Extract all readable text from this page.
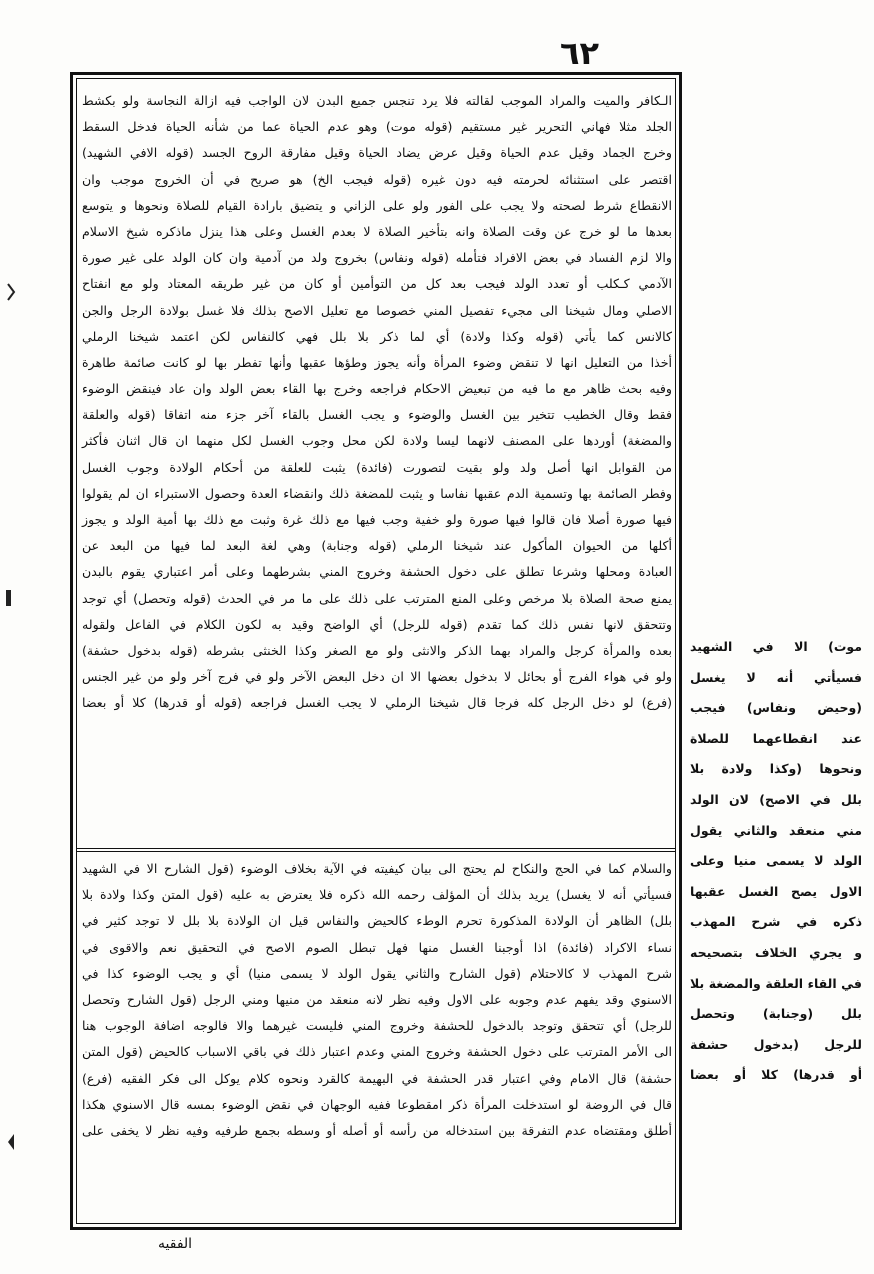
٦٢
الـكافر والميت والمراد الموجب لقالته فلا يرد تنجس جميع البدن لان الواجب فيه ازالة النجاسة ولو بكشط
الجلد مثلا فهاني التحرير غير مستقيم (قوله موت) وهو عدم الحياة عما من شأنه الحياة فدخل السقط
وخرج الجماد وقيل عدم الحياة وقيل عرض يضاد الحياة وقيل مفارقة الروح الجسد (قوله الافي الشهيد)
اقتصر على استثنائه لحرمته فيه دون غيره (قوله فيجب الخ) هو صريح في أن الخروج موجب وان
الانقطاع شرط لصحته ولا يجب على الفور ولو على الزاني و يتضيق بارادة القيام للصلاة ونحوها و يتوسع
بعدها ما لو خرج عن وقت الصلاة وانه بتأخير الصلاة لا بعدم الغسل وعلى هذا ينزل ماذكره شيخ الاسلام
والا لزم الفساد في بعض الافراد فتأمله (قوله ونفاس) بخروج ولد من آدمية وان كان الولد على غير صورة
الآدمي كـكلب أو تعدد الولد فيجب بعد كل من التوأمين أو كان من غير طريقه المعتاد ولو مع انفتاح
الاصلي ومال شيخنا الى مجيء تفصيل المني خصوصا مع تعليل الاصح بذلك فلا غسل بولادة الرجل والجن
كالانس كما يأتي (قوله وكذا ولادة) أي لما ذكر بلا بلل فهي كالنفاس لكن اعتمد شيخنا الرملي
أخذا من التعليل انها لا تنقض وضوء المرأة وأنه يجوز وطؤها عقبها وأنها تفطر بها لو كانت صائمة طاهرة
وفيه بحث ظاهر مع ما فيه من تبعيض الاحكام فراجعه وخرج بها القاء بعض الولد وان عاد فينقض الوضوء
فقط وقال الخطيب تتخير بين الغسل والوضوء و يجب الغسل بالقاء آخر جزء منه اتفاقا (قوله والعلقة
والمضغة) أوردها على المصنف لانهما ليسا ولادة لكن محل وجوب الغسل لكل منهما ان قال اثنان فأكثر
من القوابل انها أصل ولد ولو بقيت لتصورت (فائدة) يثبت للعلقة من أحكام الولادة وجوب الغسل
وفطر الصائمة بها وتسمية الدم عقبها نفاسا و يثبت للمضغة ذلك وانقضاء العدة وحصول الاستبراء ان لم يقولوا
فيها صورة أصلا فان قالوا فيها صورة ولو خفية وجب فيها مع ذلك غرة وثبت مع ذلك بها أمية الولد و يجوز
أكلها من الحيوان المأكول عند شيخنا الرملي (قوله وجنابة) وهي لغة البعد لما فيها من البعد عن
العبادة ومحلها وشرعا تطلق على دخول الحشفة وخروج المني بشرطهما وعلى أمر اعتباري يقوم بالبدن
يمنع صحة الصلاة بلا مرخص وعلى المنع المترتب على ذلك على ما مر في الحدث (قوله وتحصل) أي توجد
وتتحقق لانها نفس ذلك كما تقدم (قوله للرجل) أي الواضح وقيد به لكون الكلام في الفاعل ولقوله
بعده والمرأة كرجل والمراد بهما الذكر والانثى ولو مع الصغر وكذا الخنثى بشرطه (قوله بدخول حشفة)
ولو في هواء الفرج أو بحائل لا بدخول بعضها الا ان دخل البعض الآخر ولو في فرج آخر ولو من غير الجنس
(فرع) لو دخل الرجل كله فرجا قال شيخنا الرملي لا يجب الغسل فراجعه (قوله أو قدرها) كلا أو بعضا
والسلام كما في الحج والنكاح لم يحتج الى بيان كيفيته في الآية بخلاف الوضوء (قول الشارح الا في الشهيد
فسيأتي أنه لا يغسل) يريد بذلك أن المؤلف رحمه الله ذكره فلا يعترض به عليه (قول المتن وكذا ولادة بلا
بلل) الظاهر أن الولادة المذكورة تحرم الوطء كالحيض والنفاس قيل ان الولادة بلا بلل لا توجد كثير في
نساء الاكراد (فائدة) اذا أوجبنا الغسل منها فهل تبطل الصوم الاصح في التحقيق نعم والاقوى في
شرح المهذب لا كالاحتلام (قول الشارح والثاني يقول الولد لا يسمى منيا) أي و يجب الوضوء كذا في
الاسنوي وقد يفهم عدم وجوبه على الاول وفيه نظر لانه منعقد من منيها ومني الرجل (قول الشارح وتحصل
للرجل) أي تتحقق وتوجد بالدخول للحشفة وخروج المني فليست غيرهما والا فالوجه اضافة الوجوب هنا
الى الأمر المترتب على دخول الحشفة وخروج المني وعدم اعتبار ذلك في باقي الاسباب كالحيض (قول المتن
حشفة) قال الامام وفي اعتبار قدر الحشفة في البهيمة كالقرد ونحوه كلام يوكل الى فكر الفقيه (فرع)
قال في الروضة لو استدخلت المرأة ذكر امقطوعا ففيه الوجهان في نقض الوضوء بمسه قال الاسنوي هكذا
أطلق ومقتضاه عدم التفرقة بين استدخاله من رأسه أو أصله أو وسطه بجمع طرفيه وفيه نظر لا يخفى على
موت) الا في الشهيد
فسيأتي أنه لا يغسل
(وحيض ونفاس) فيجب
عند انقطاعهما للصلاة
ونحوها (وكذا ولادة بلا
بلل في الاصح) لان الولد
مني منعقد والثاني يقول
الولد لا يسمى منيا وعلى
الاول يصح الغسل عقبها
ذكره في شرح المهذب
و يجري الخلاف بتصحيحه
في القاء العلقة والمضغة بلا
بلل (وجنابة) وتحصل
للرجل (بدخول حشفة
أو قدرها) كلا أو بعضا
الفقيه
